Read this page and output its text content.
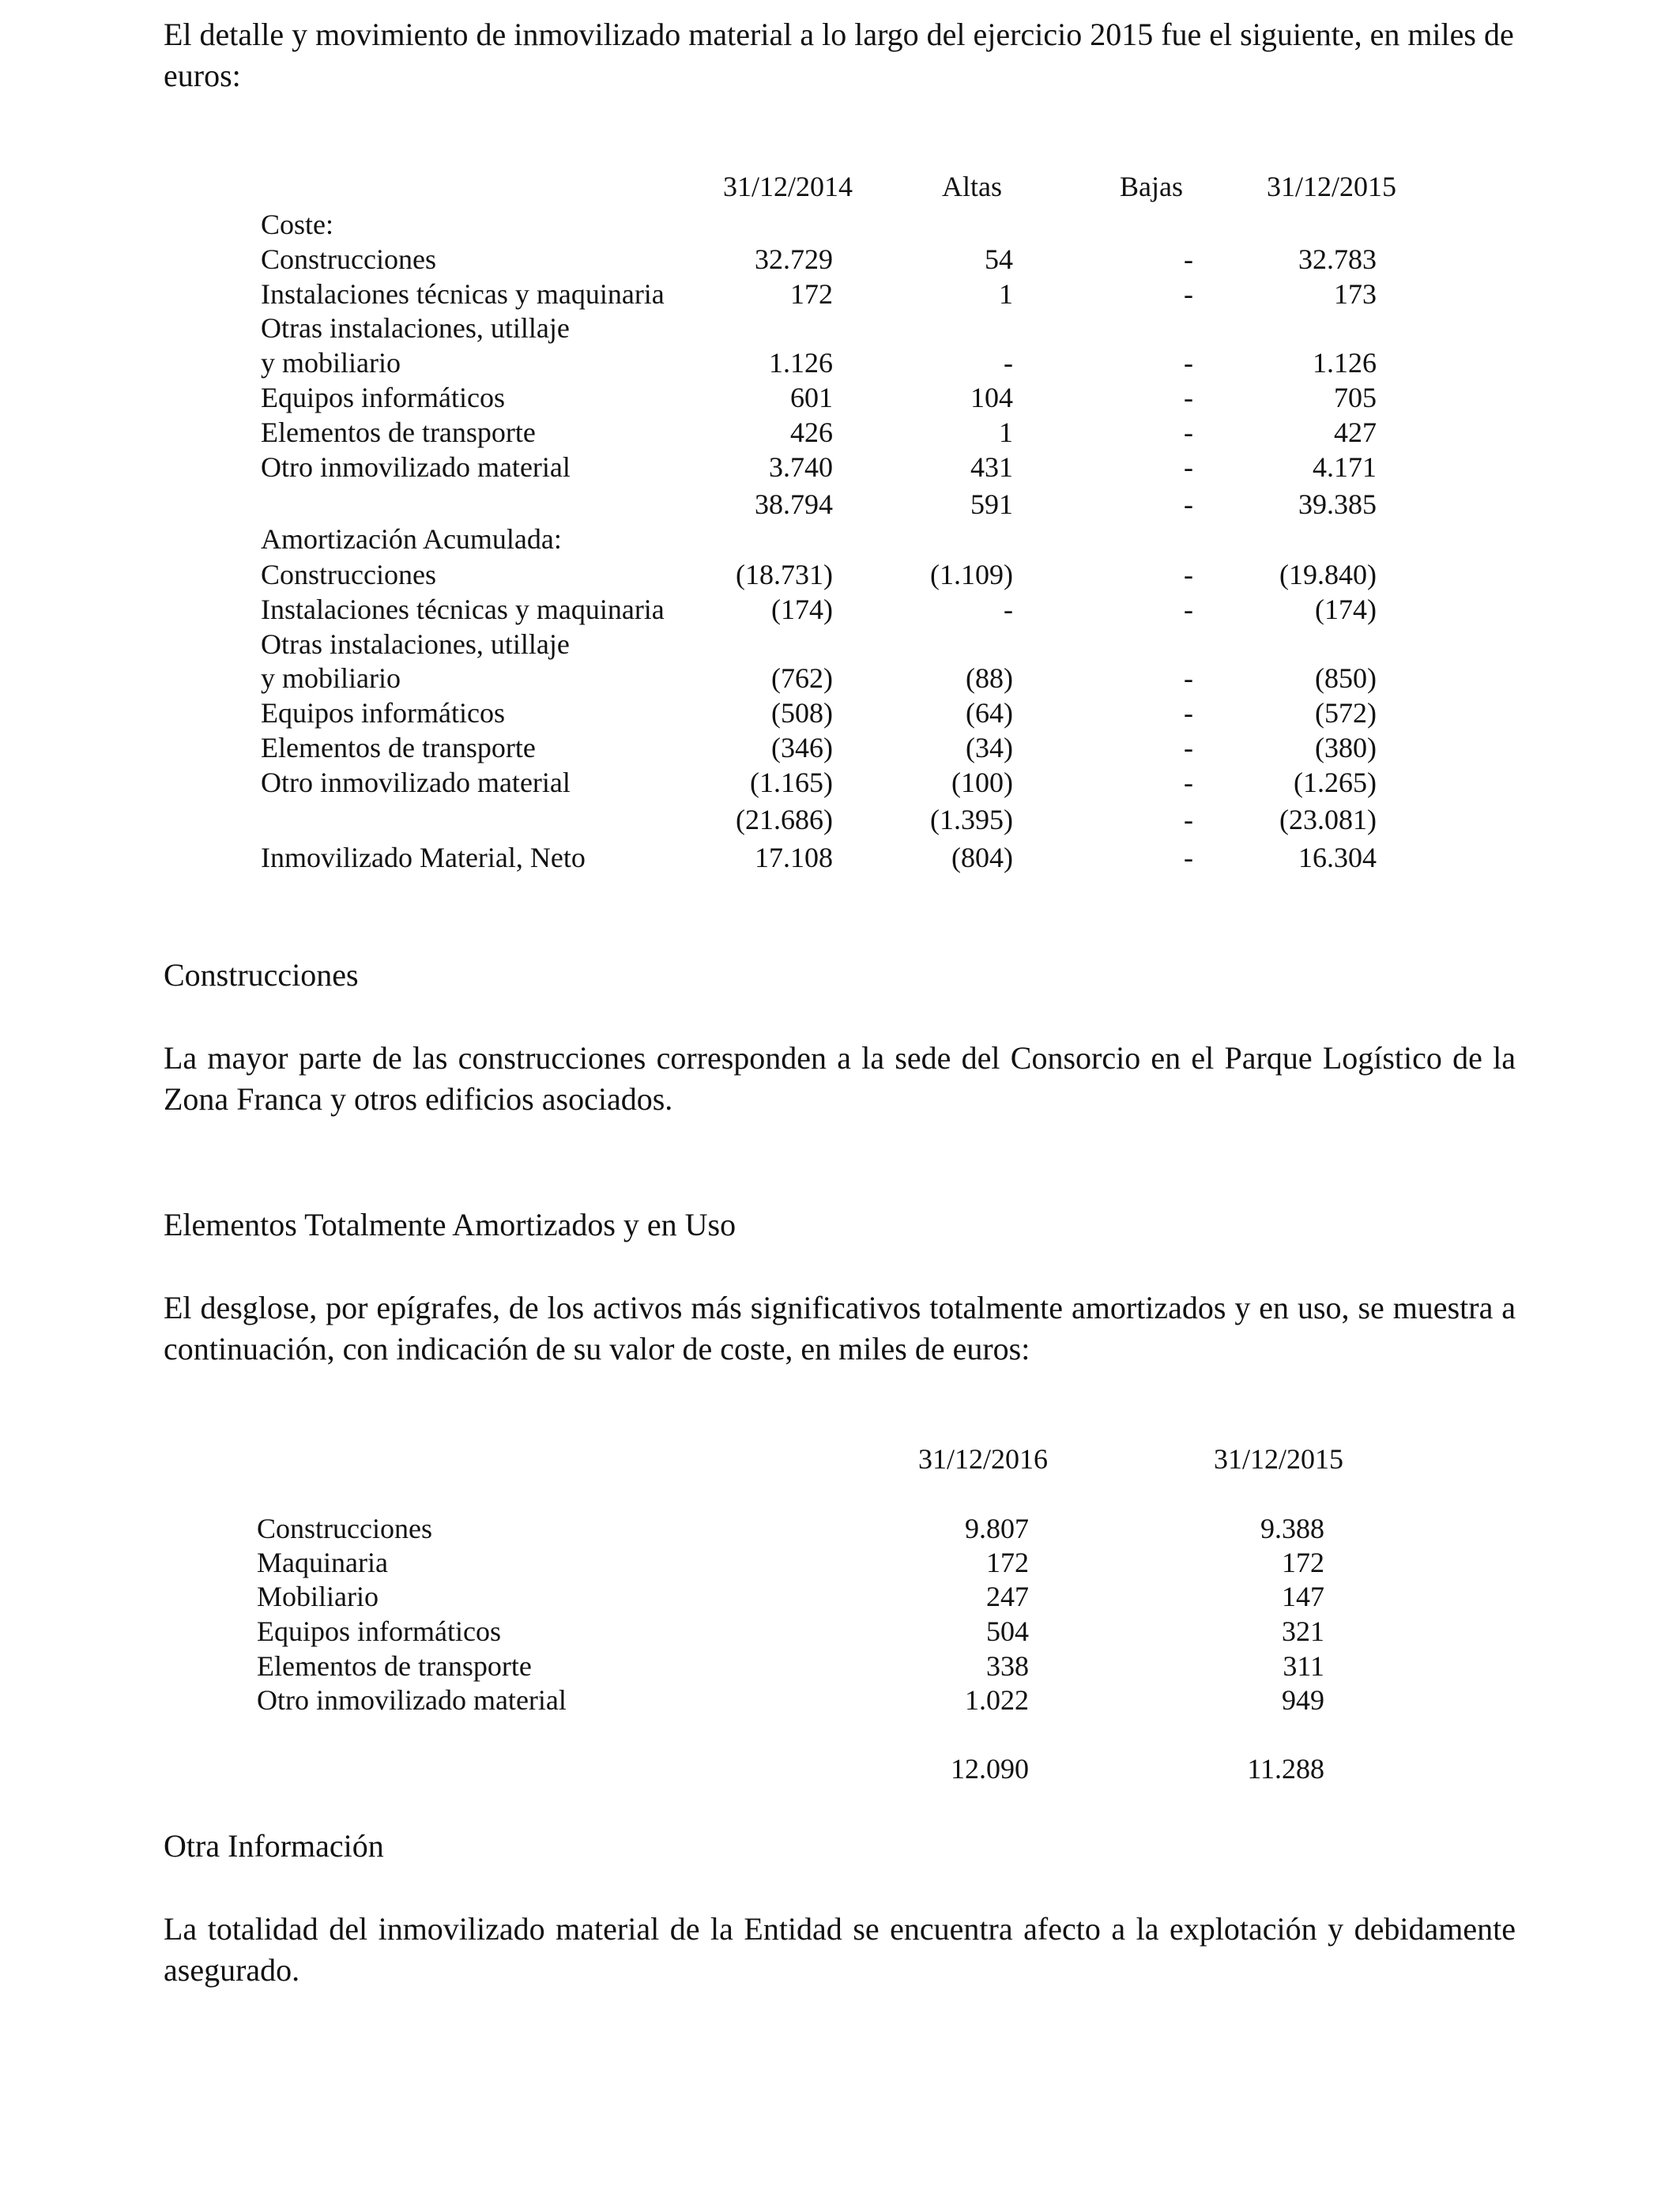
El detalle y movimiento de inmovilizado material a lo largo del ejercicio 2015 fue el siguiente, en miles de euros:
31/12/2014	Altas	Bajas	31/12/2015
Coste:
Construcciones	32.729	54	-	32.783
Instalaciones técnicas y maquinaria	172	1	-	173
Otras instalaciones, utillaje
y mobiliario	1.126	-	-	1.126
Equipos informáticos	601	104	-	705
Elementos de transporte	426	1	-	427
Otro inmovilizado material	3.740	431	-	4.171
38.794	591	-	39.385
Amortización Acumulada:
Construcciones	(18.731)	(1.109)	-	(19.840)
Instalaciones técnicas y maquinaria	(174)	-	-	(174)
Otras instalaciones, utillaje
y mobiliario	(762)	(88)	-	(850)
Equipos informáticos	(508)	(64)	-	(572)
Elementos de transporte	(346)	(34)	-	(380)
Otro inmovilizado material	(1.165)	(100)	-	(1.265)
(21.686)	(1.395)	-	(23.081)
Inmovilizado Material, Neto	17.108	(804)	-	16.304
Construcciones
La mayor parte de las construcciones corresponden a la sede del Consorcio en el Parque Logístico de la Zona Franca y otros edificios asociados.
Elementos Totalmente Amortizados y en Uso
El desglose, por epígrafes, de los activos más significativos totalmente amortizados y en uso, se muestra a continuación, con indicación de su valor de coste, en miles de euros:
31/12/2016	31/12/2015
Construcciones	9.807	9.388
Maquinaria	172	172
Mobiliario	247	147
Equipos informáticos	504	321
Elementos de transporte	338	311
Otro inmovilizado material	1.022	949
12.090	11.288
Otra Información
La totalidad del inmovilizado material de la Entidad se encuentra afecto a la explotación y debidamente asegurado.
